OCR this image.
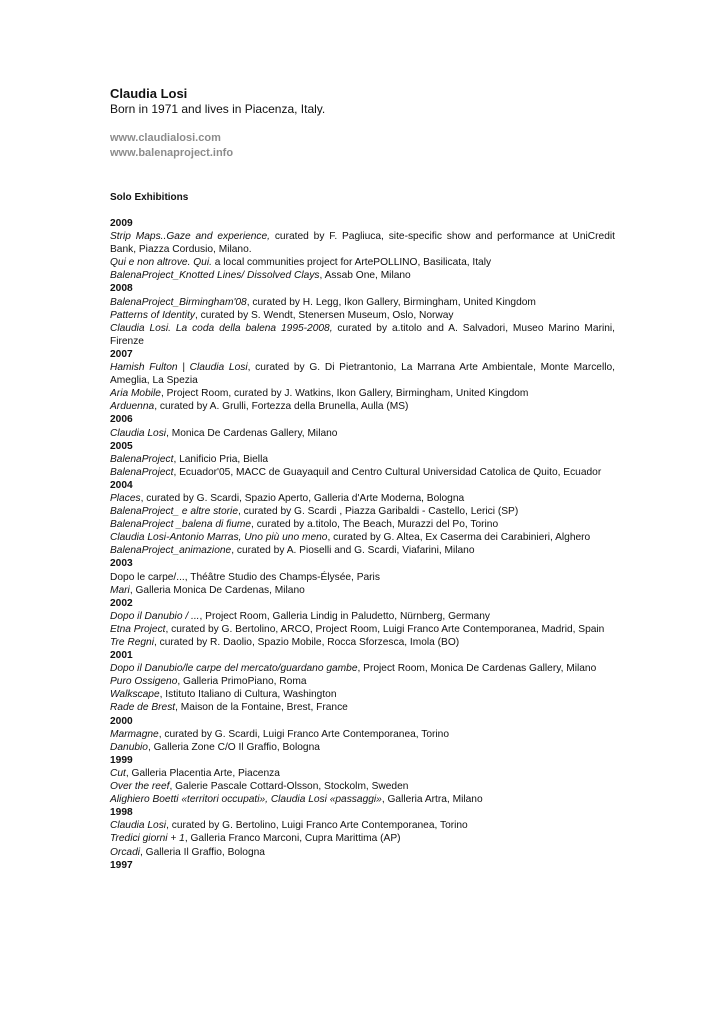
Claudia Losi

Born in 1971 and lives in Piacenza, Italy.

www.claudialosi.com
www.balenaproject.info

Solo Exhibitions

2009
Strip Maps..Gaze and experience, curated by F. Pagliuca, site-specific show and performance at UniCredit Bank, Piazza Cordusio, Milano.
Qui e non altrove. Qui. a local communities project for ArtePOLLINO, Basilicata, Italy
BalenaProject_Knotted Lines/ Dissolved Clays, Assab One, Milano
2008
BalenaProject_Birmingham'08, curated by H. Legg, Ikon Gallery, Birmingham, United Kingdom
Patterns of Identity, curated by S. Wendt, Stenersen Museum, Oslo, Norway
Claudia Losi. La coda della balena 1995-2008, curated by a.titolo and A. Salvadori, Museo Marino Marini, Firenze
2007
Hamish Fulton | Claudia Losi, curated by G. Di Pietrantonio, La Marrana Arte Ambientale, Monte Marcello, Ameglia, La Spezia
Aria Mobile, Project Room, curated by J. Watkins, Ikon Gallery, Birmingham, United Kingdom
Arduenna, curated by A. Grulli, Fortezza della Brunella, Aulla (MS)
2006
Claudia Losi, Monica De Cardenas Gallery, Milano
2005
BalenaProject, Lanificio Pria, Biella
BalenaProject, Ecuador'05, MACC de Guayaquil and Centro Cultural Universidad Catolica de Quito, Ecuador
2004
Places, curated by G. Scardi, Spazio Aperto, Galleria d'Arte Moderna, Bologna
BalenaProject_ e altre storie, curated by G. Scardi , Piazza Garibaldi - Castello, Lerici (SP)
BalenaProject _balena di fiume, curated by a.titolo, The Beach, Murazzi del Po, Torino
Claudia Losi-Antonio Marras, Uno più uno meno, curated by G. Altea, Ex Caserma dei Carabinieri, Alghero
BalenaProject_animazione, curated by A. Pioselli and G. Scardi, Viafarini, Milano
2003
Dopo le carpe/..., Théâtre Studio des Champs-Élysée, Paris
Mari, Galleria Monica De Cardenas, Milano
2002
Dopo il Danubio / ..., Project Room, Galleria Lindig in Paludetto, Nürnberg, Germany
Etna Project, curated by G. Bertolino, ARCO, Project Room, Luigi Franco Arte Contemporanea, Madrid, Spain
Tre Regni, curated by R. Daolio, Spazio Mobile, Rocca Sforzesca, Imola (BO)
2001
Dopo il Danubio/le carpe del mercato/guardano gambe, Project Room, Monica De Cardenas Gallery, Milano
Puro Ossigeno, Galleria PrimoPiano, Roma
Walkscape, Istituto Italiano di Cultura, Washington
Rade de Brest, Maison de la Fontaine, Brest, France
2000
Marmagne, curated by G. Scardi, Luigi Franco Arte Contemporanea, Torino
Danubio, Galleria Zone C/O Il Graffio, Bologna
1999
Cut, Galleria Placentia Arte, Piacenza
Over the reef, Galerie Pascale Cottard-Olsson, Stockolm, Sweden
Alighiero Boetti «territori occupati», Claudia Losi «passaggi», Galleria Artra, Milano
1998
Claudia Losi, curated by G. Bertolino, Luigi Franco Arte Contemporanea, Torino
Tredici giorni + 1, Galleria Franco Marconi, Cupra Marittima (AP)
Orcadi, Galleria Il Graffio, Bologna
1997
